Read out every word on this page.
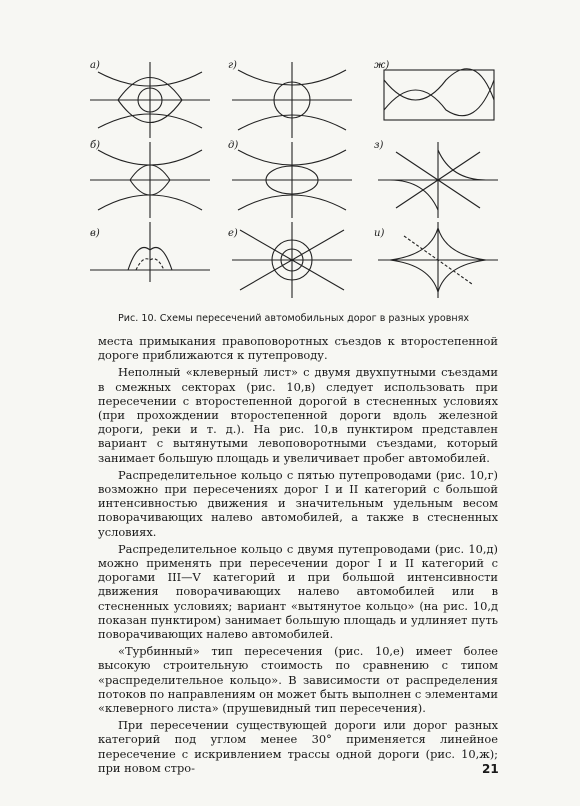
а)	г)	ж)
б)	д)	з)
в)	е)	и)
Рис. 10. Схемы пересечений автомобильных дорог в разных уровнях

места примыкания правоповоротных съездов к второстепенной дороге приближаются к путепроводу.

Неполный «клеверный лист» с двумя двухпутными съездами в смежных секторах (рис. 10,в) следует использовать при пересечении с второстепенной дорогой в стесненных условиях (при прохождении второстепенной дороги вдоль железной дороги, реки и т. д.). На рис. 10,в пунктиром представлен вариант с вытянутыми левоповоротными съездами, который занимает большую площадь и увеличивает пробег автомобилей.

Распределительное кольцо с пятью путепроводами (рис. 10,г) возможно при пересечениях дорог I и II категорий с большой интенсивностью движения и значительным удельным весом поворачивающих налево автомобилей, а также в стесненных условиях.

Распределительное кольцо с двумя путепроводами (рис. 10,д) можно применять при пересечении дорог I и II категорий с дорогами III—V категорий и при большой интенсивности движения поворачивающих налево автомобилей или в стесненных условиях; вариант «вытянутое кольцо» (на рис. 10,д показан пунктиром) занимает большую площадь и удлиняет путь поворачивающих налево автомобилей.

«Турбинный» тип пересечения (рис. 10,е) имеет более высокую строительную стоимость по сравнению с типом «распределительное кольцо». В зависимости от распределения потоков по направлениям он может быть выполнен с элементами «клеверного листа» (прушевидный тип пересечения).

При пересечении существующей дороги или дорог разных категорий под углом менее 30° применяется линейное пересечение с искривлением трассы одной дороги (рис. 10,ж); при новом стро-	21
